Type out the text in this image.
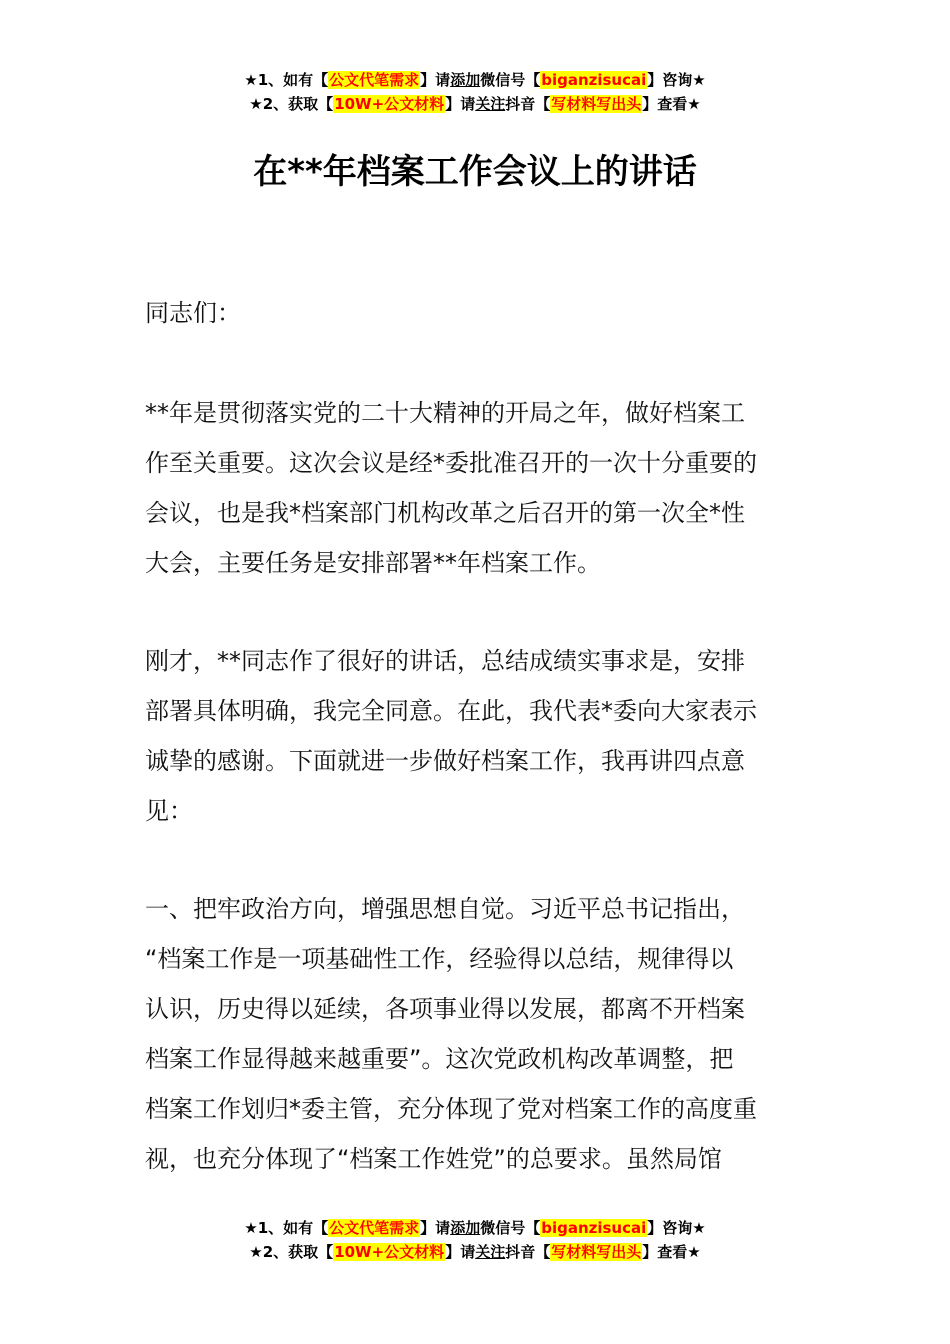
★1、如有【公文代笔需求】请添加微信号【biganzisucai】咨询★
★2、获取【10W+公文材料】请关注抖音【写材料写出头】查看★
在**年档案工作会议上的讲话
同志们：
**年是贯彻落实党的二十大精神的开局之年，做好档案工
作至关重要。这次会议是经*委批准召开的一次十分重要的
会议，也是我*档案部门机构改革之后召开的第一次全*性
大会，主要任务是安排部署**年档案工作。
刚才，**同志作了很好的讲话，总结成绩实事求是，安排
部署具体明确，我完全同意。在此，我代表*委向大家表示
诚挚的感谢。下面就进一步做好档案工作，我再讲四点意
见：
一、把牢政治方向，增强思想自觉。习近平总书记指出，
“档案工作是一项基础性工作，经验得以总结，规律得以
认识，历史得以延续，各项事业得以发展，都离不开档案
档案工作显得越来越重要”。这次党政机构改革调整，把
档案工作划归*委主管，充分体现了党对档案工作的高度重
视，也充分体现了“档案工作姓党”的总要求。虽然局馆
★1、如有【公文代笔需求】请添加微信号【biganzisucai】咨询★
★2、获取【10W+公文材料】请关注抖音【写材料写出头】查看★
